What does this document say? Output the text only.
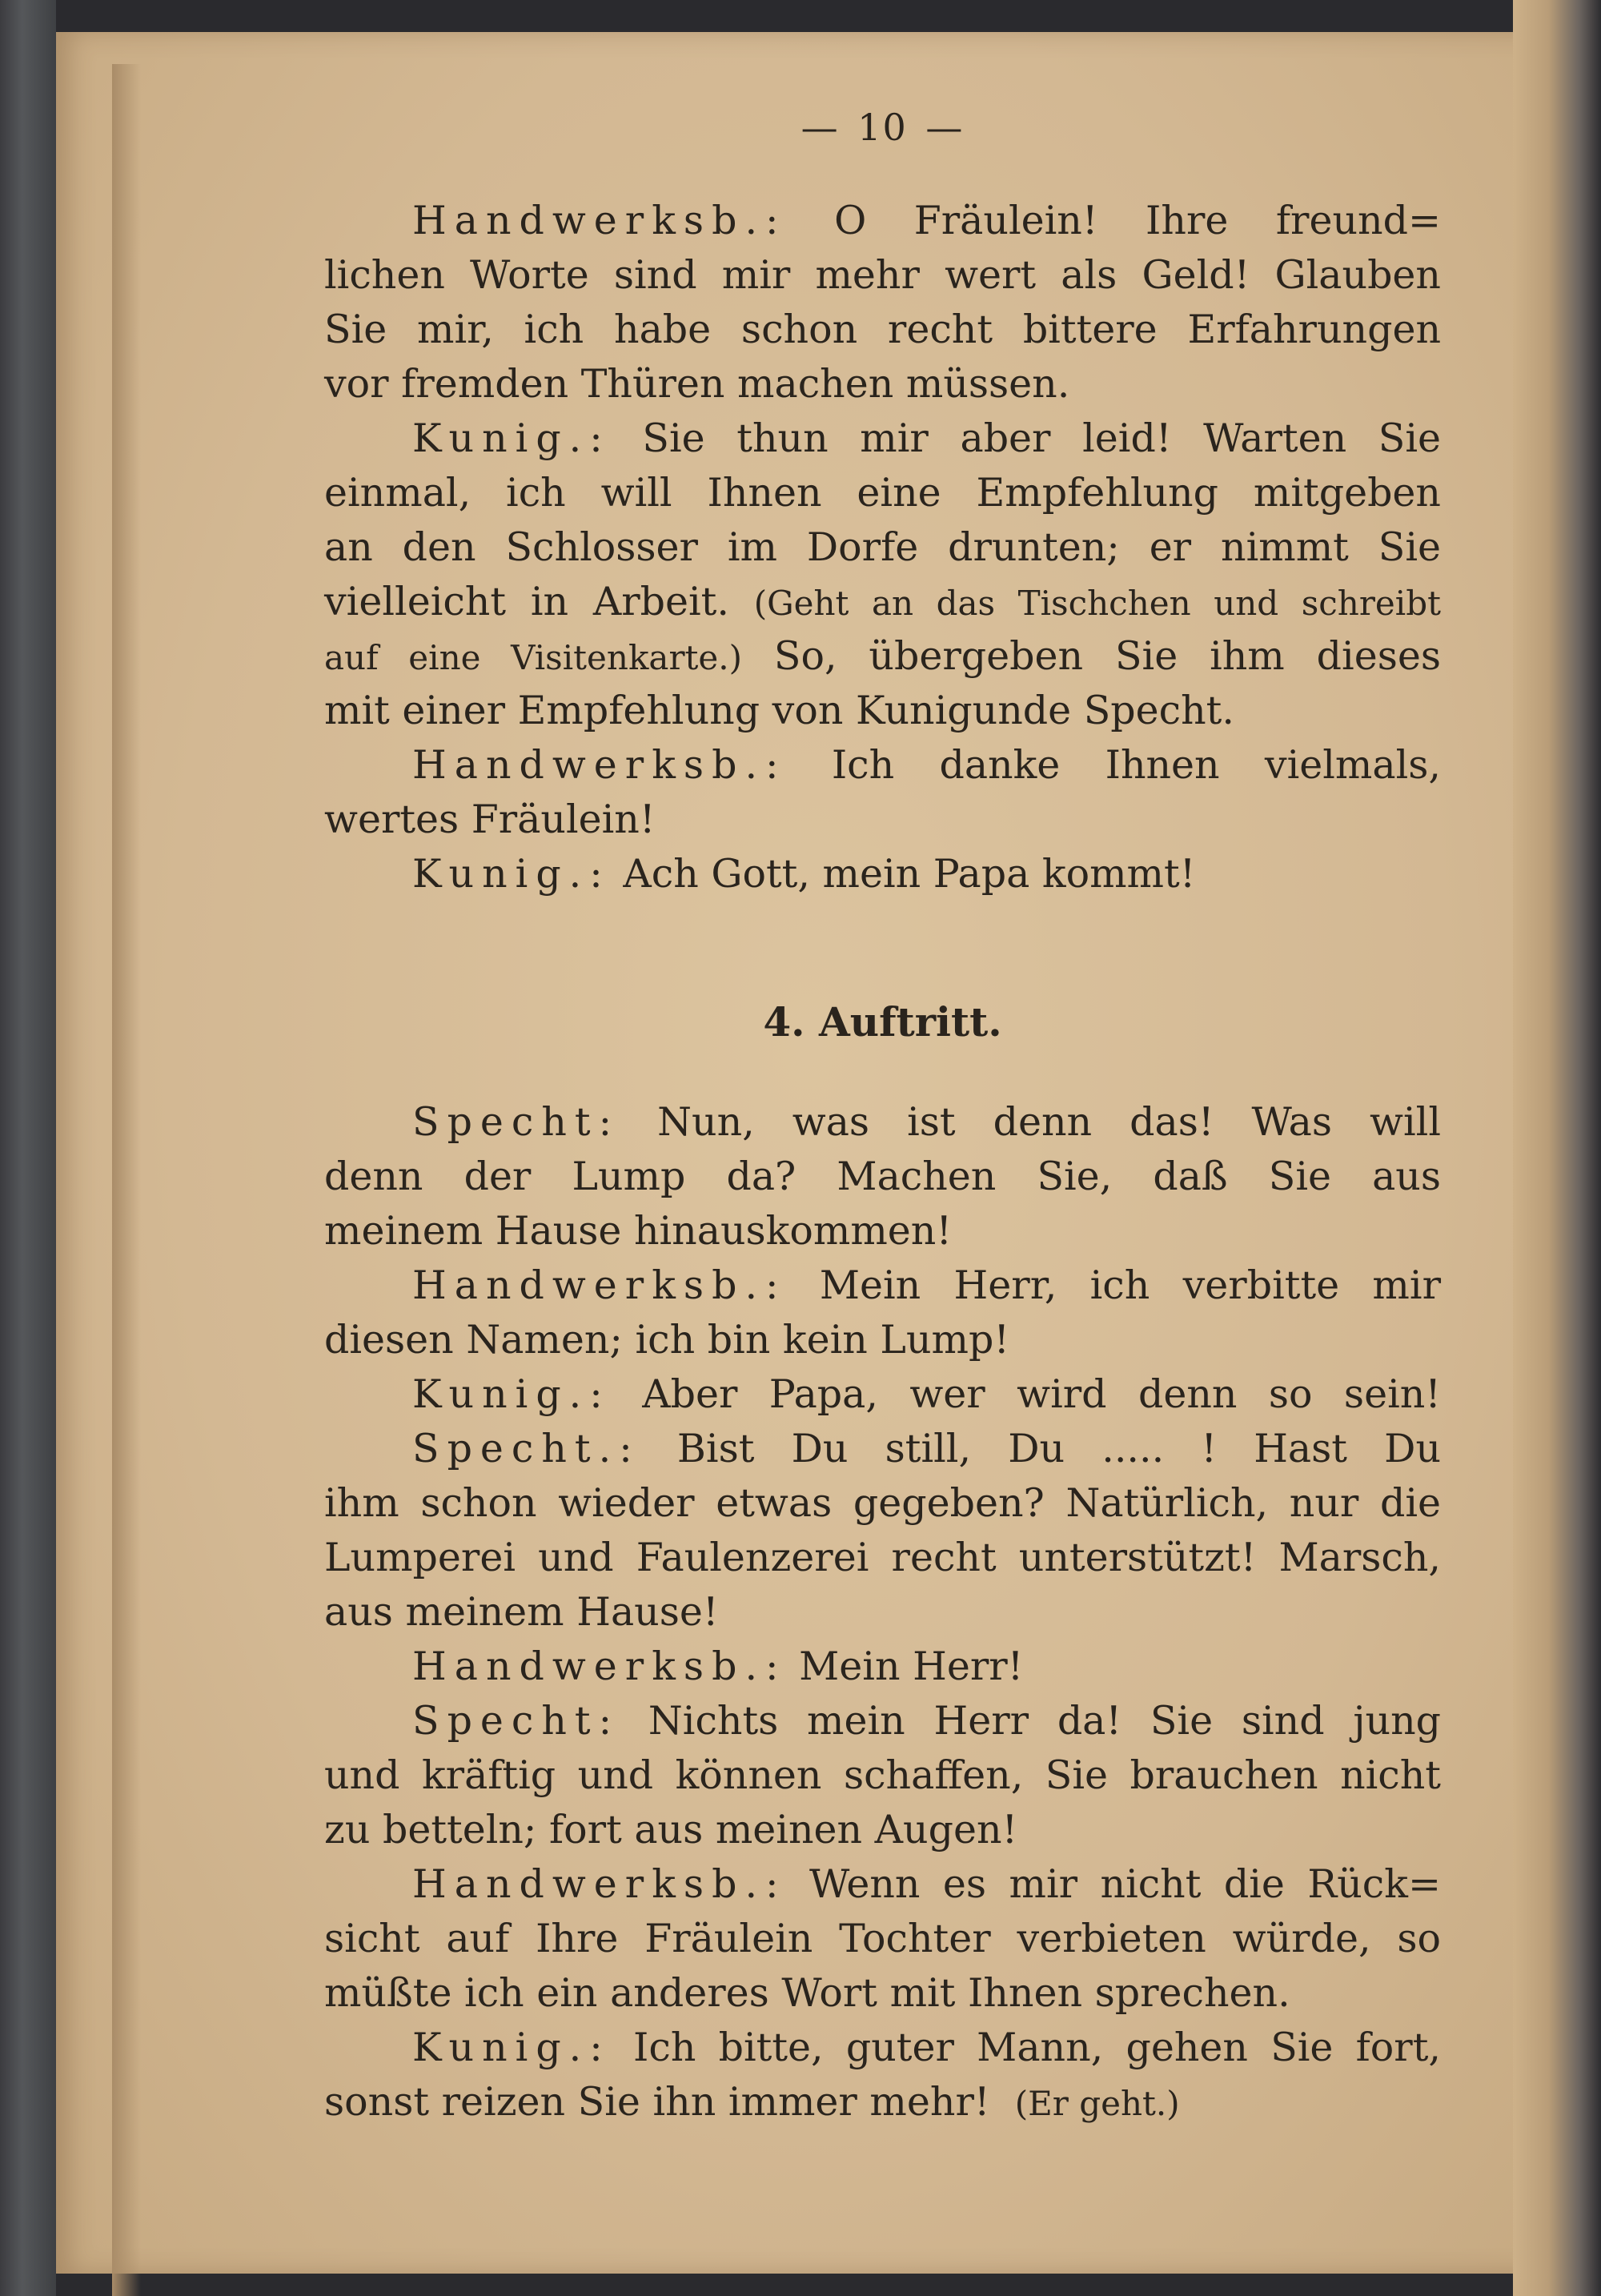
— 10 —
Handwerksb.: O Fräulein! Ihre freund=
lichen Worte sind mir mehr wert als Geld! Glauben
Sie mir, ich habe schon recht bittere Erfahrungen
vor fremden Thüren machen müssen.
Kunig.: Sie thun mir aber leid! Warten Sie
einmal, ich will Ihnen eine Empfehlung mitgeben
an den Schlosser im Dorfe drunten; er nimmt Sie
vielleicht in Arbeit. (Geht an das Tischchen und schreibt
auf eine Visitenkarte.) So, übergeben Sie ihm dieses
mit einer Empfehlung von Kunigunde Specht.
Handwerksb.: Ich danke Ihnen vielmals,
wertes Fräulein!
Kunig.: Ach Gott, mein Papa kommt!
4. Auftritt.
Specht: Nun, was ist denn das! Was will
denn der Lump da? Machen Sie, daß Sie aus
meinem Hause hinauskommen!
Handwerksb.: Mein Herr, ich verbitte mir
diesen Namen; ich bin kein Lump!
Kunig.: Aber Papa, wer wird denn so sein!
Specht.: Bist Du still, Du ..... ! Hast Du
ihm schon wieder etwas gegeben? Natürlich, nur die
Lumperei und Faulenzerei recht unterstützt! Marsch,
aus meinem Hause!
Handwerksb.: Mein Herr!
Specht: Nichts mein Herr da! Sie sind jung
und kräftig und können schaffen, Sie brauchen nicht
zu betteln; fort aus meinen Augen!
Handwerksb.: Wenn es mir nicht die Rück=
sicht auf Ihre Fräulein Tochter verbieten würde, so
müßte ich ein anderes Wort mit Ihnen sprechen.
Kunig.: Ich bitte, guter Mann, gehen Sie fort,
sonst reizen Sie ihn immer mehr! (Er geht.)
